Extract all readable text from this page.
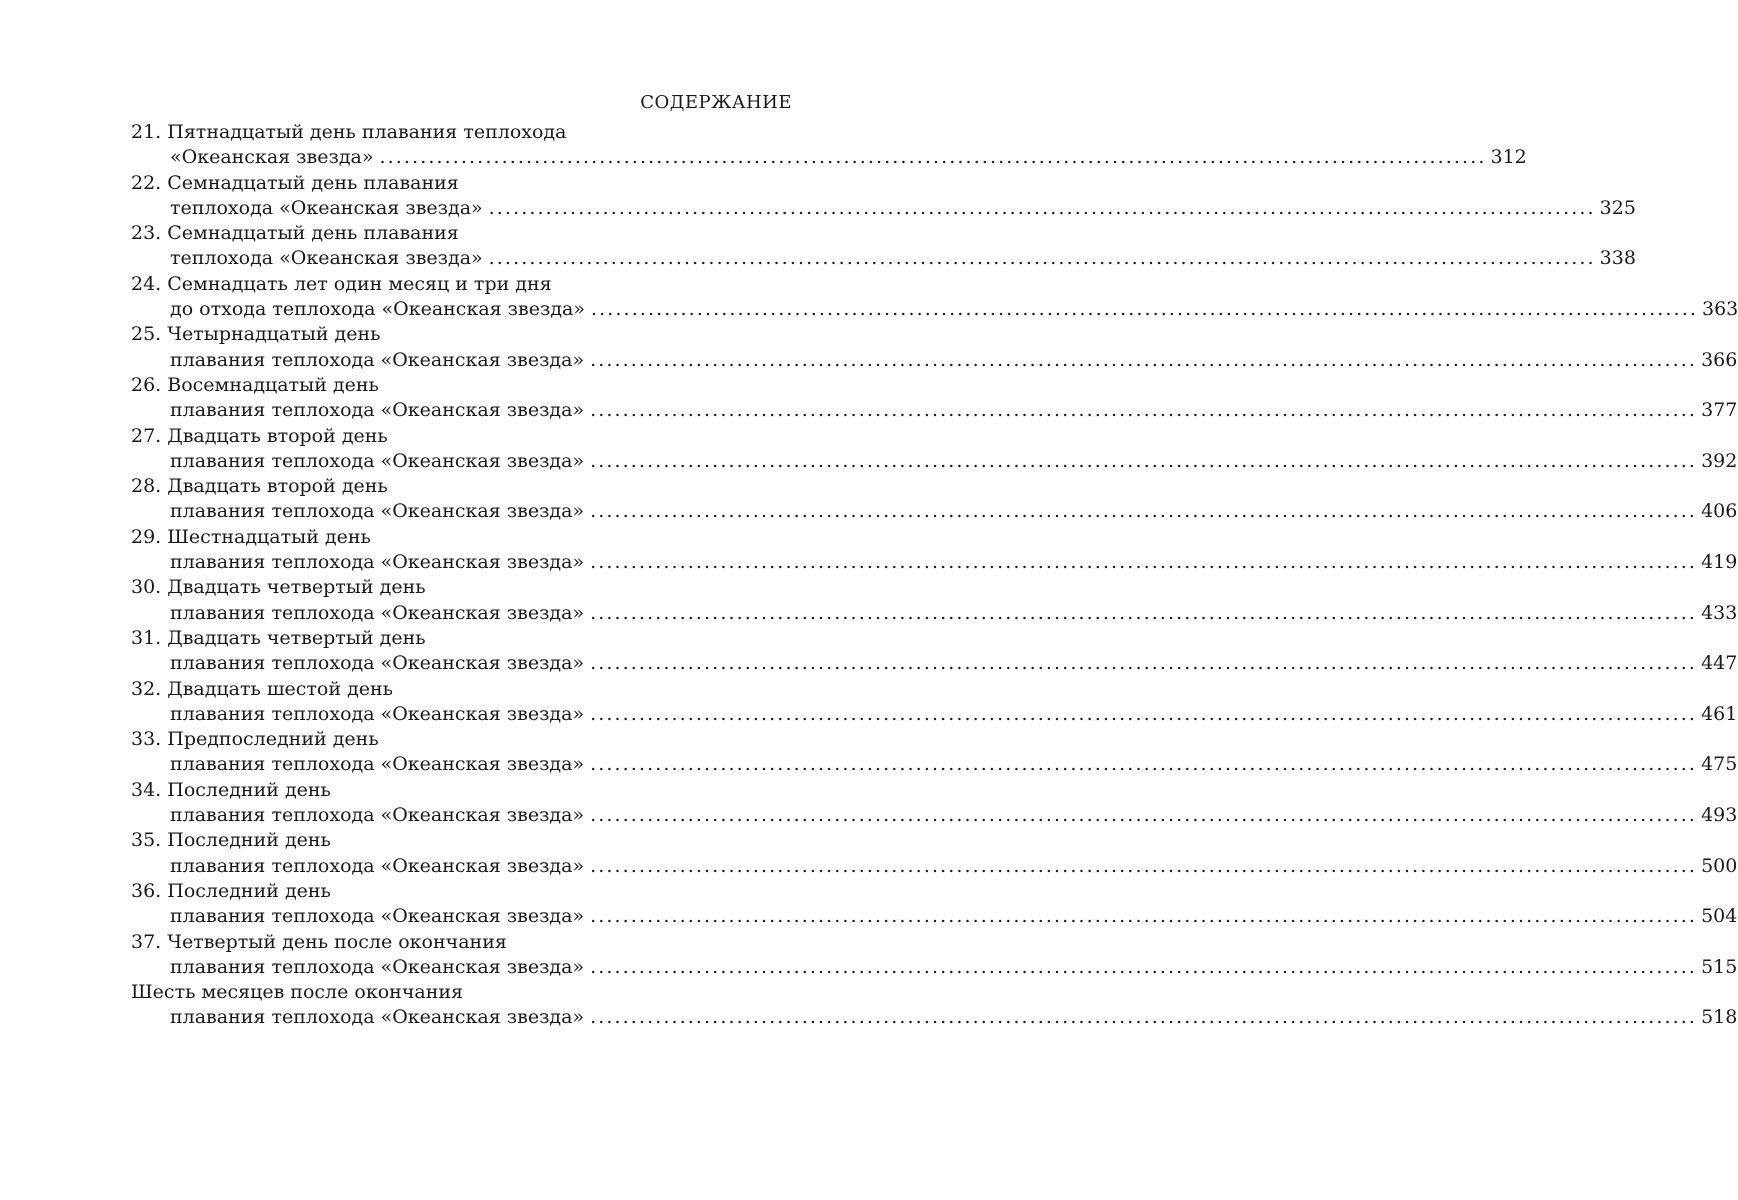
СОДЕРЖАНИЕ
21. Пятнадцатый день плавания теплохода
«Океанская звезда» ........................................................................................................................................ 312
22. Семнадцатый день плавания
теплохода «Океанская звезда» ........................................................................................................................................ 325
23. Семнадцатый день плавания
теплохода «Океанская звезда» ........................................................................................................................................ 338
24. Семнадцать лет один месяц и три дня
до отхода теплохода «Океанская звезда» ........................................................................................................................................ 363
25. Четырнадцатый день
плавания теплохода «Океанская звезда» ........................................................................................................................................ 366
26. Восемнадцатый день
плавания теплохода «Океанская звезда» ........................................................................................................................................ 377
27. Двадцать второй день
плавания теплохода «Океанская звезда» ........................................................................................................................................ 392
28. Двадцать второй день
плавания теплохода «Океанская звезда» ........................................................................................................................................ 406
29. Шестнадцатый день
плавания теплохода «Океанская звезда» ........................................................................................................................................ 419
30. Двадцать четвертый день
плавания теплохода «Океанская звезда» ........................................................................................................................................ 433
31. Двадцать четвертый день
плавания теплохода «Океанская звезда» ........................................................................................................................................ 447
32. Двадцать шестой день
плавания теплохода «Океанская звезда» ........................................................................................................................................ 461
33. Предпоследний день
плавания теплохода «Океанская звезда» ........................................................................................................................................ 475
34. Последний день
плавания теплохода «Океанская звезда» ........................................................................................................................................ 493
35. Последний день
плавания теплохода «Океанская звезда» ........................................................................................................................................ 500
36. Последний день
плавания теплохода «Океанская звезда» ........................................................................................................................................ 504
37. Четвертый день после окончания
плавания теплохода «Океанская звезда» ........................................................................................................................................ 515
Шесть месяцев после окончания
плавания теплохода «Океанская звезда» ........................................................................................................................................ 518
